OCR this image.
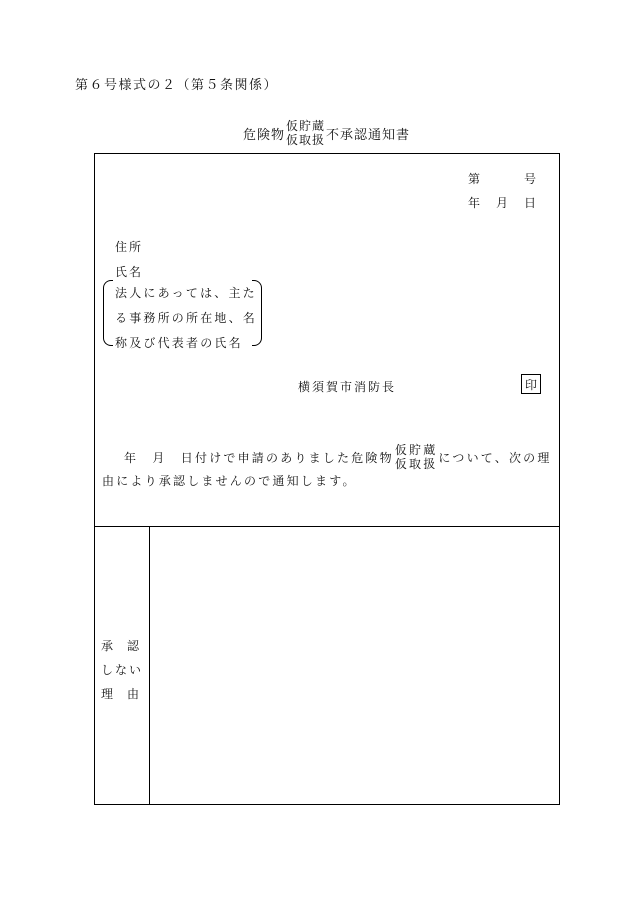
第６号様式の２（第５条関係）
危険物
仮貯蔵
仮取扱 不承認通知書
第　　　号
年　月　日
住所
氏名
法人にあっては、主た
る事務所の所在地、名
称及び代表者の氏名
横須賀市消防長	印
年　月　日付けで申請のありました危険物
仮貯蔵
仮取扱 について、次の理
由により承認しませんので通知します。
承認
しない
理由
